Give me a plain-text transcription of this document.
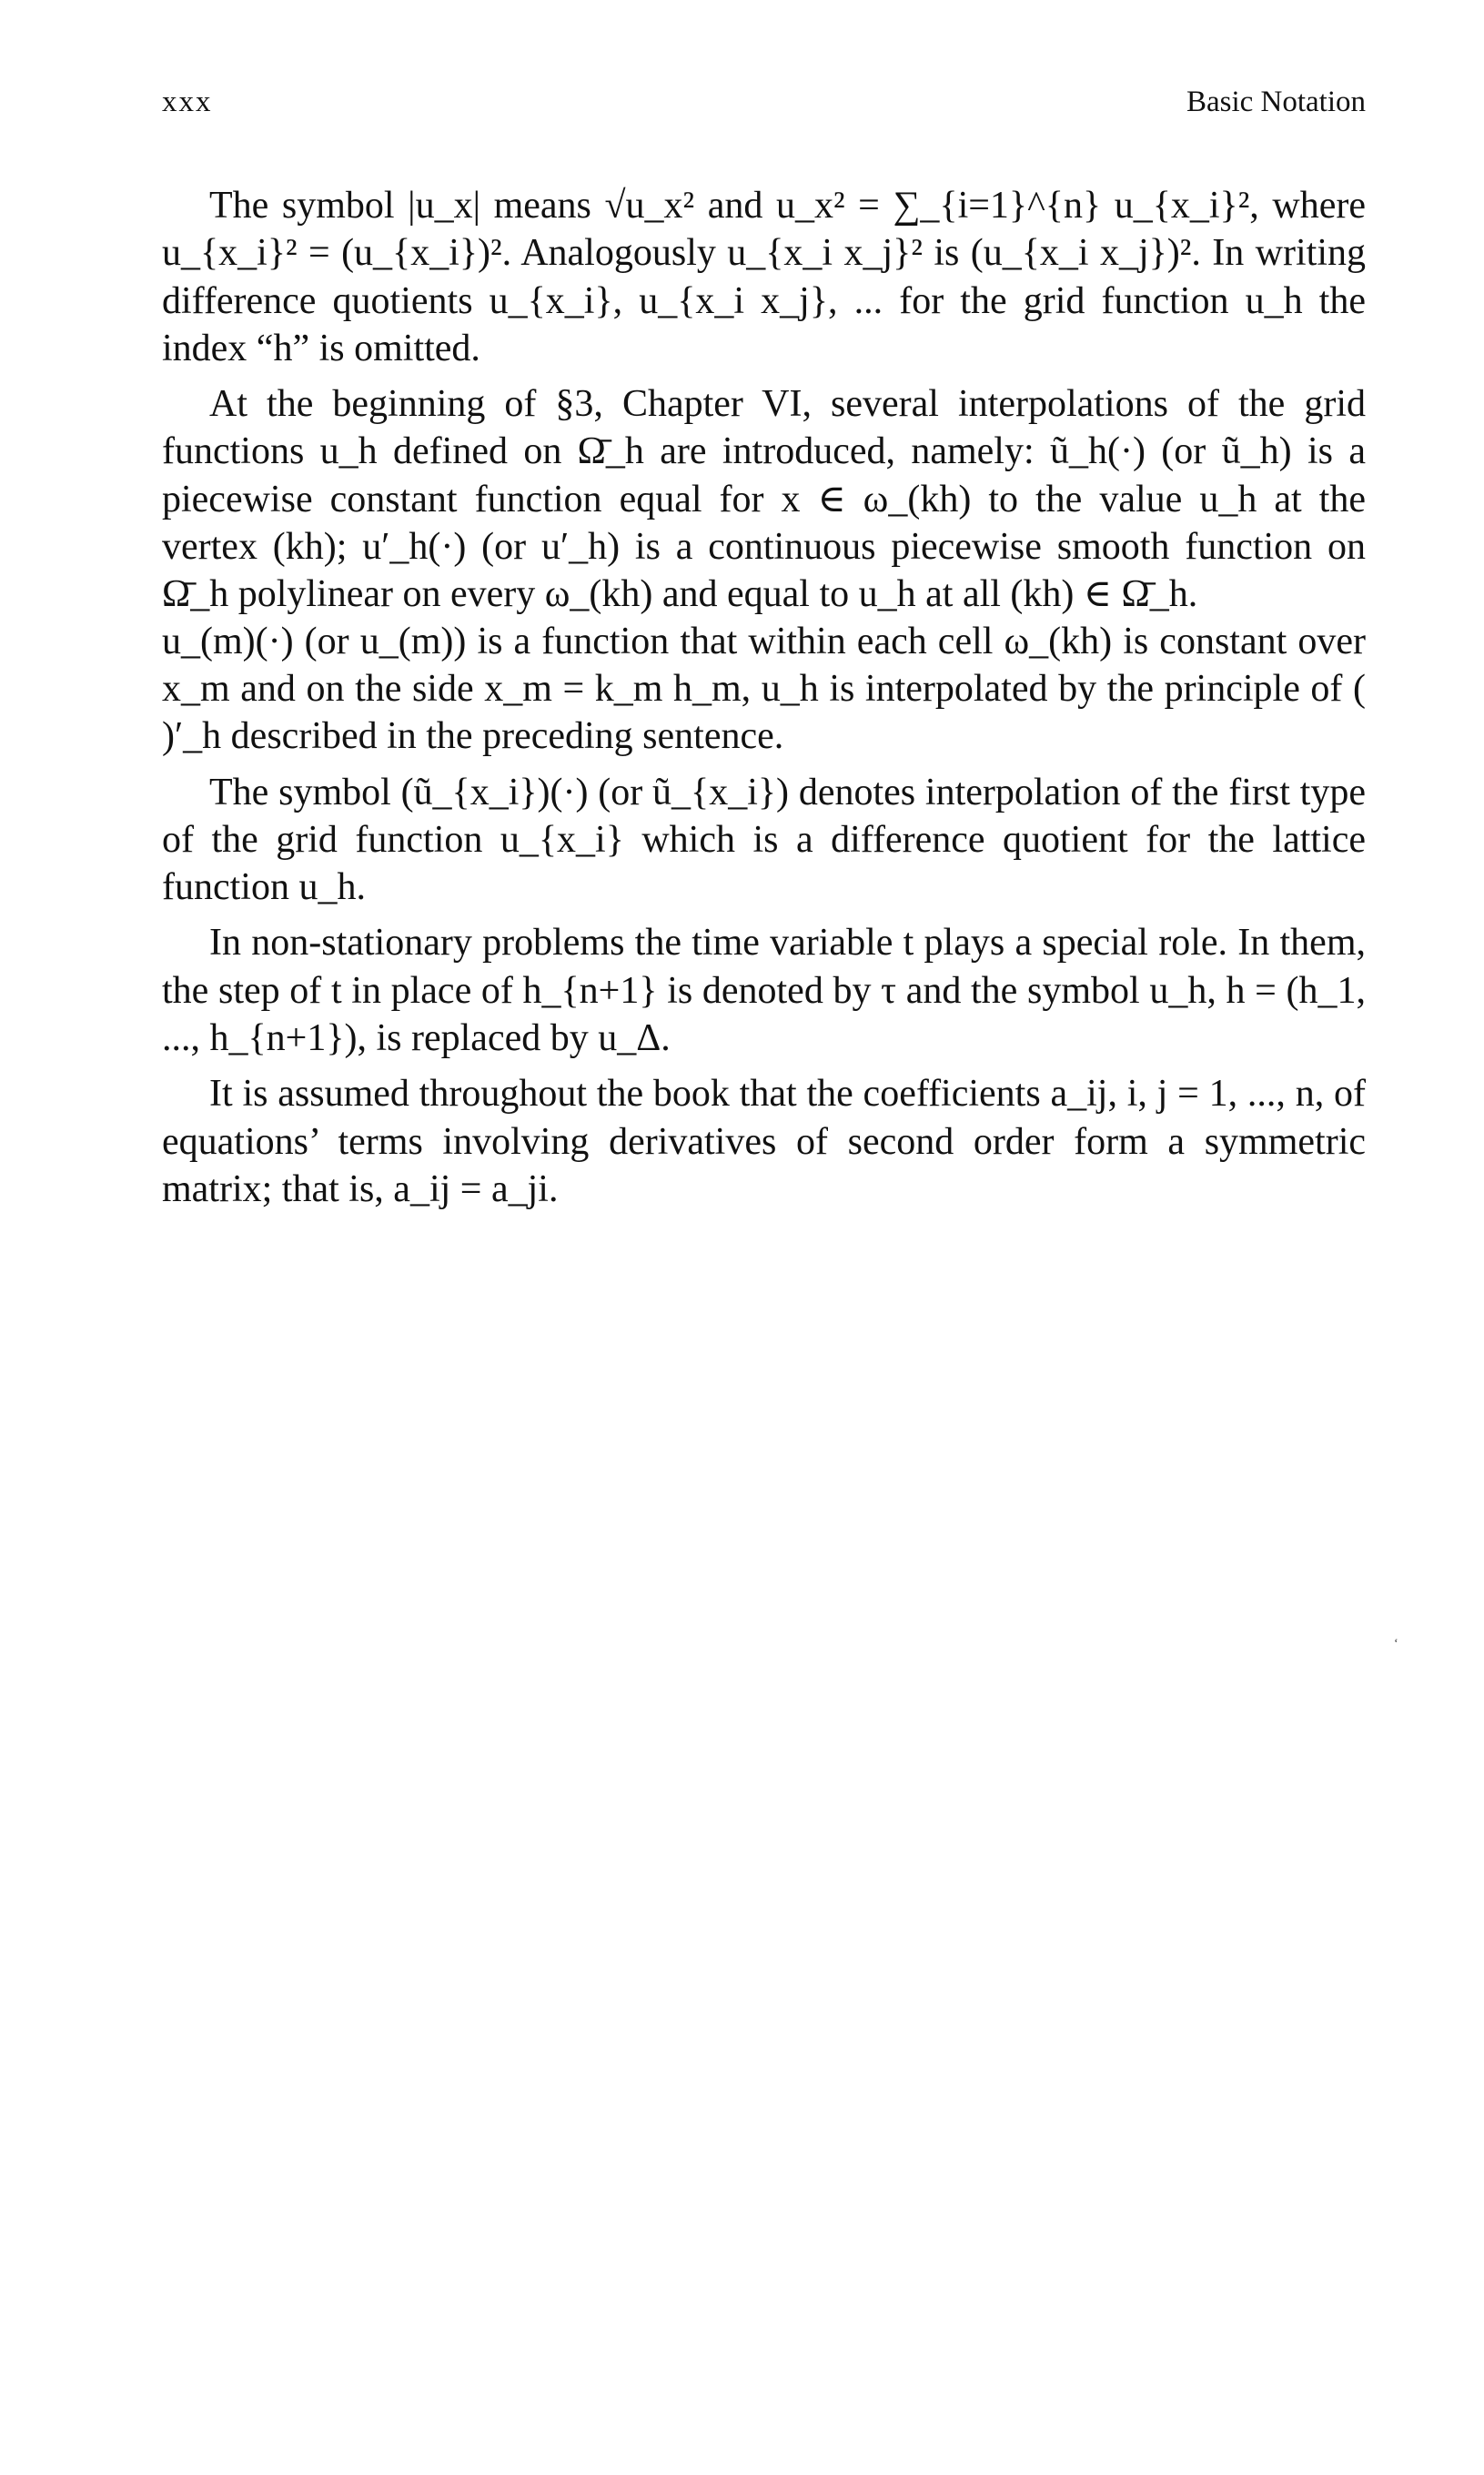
xxx	Basic Notation

The symbol |u_x| means √u_x² and u_x² = ∑_{i=1}^{n} u_{x_i}², where u_{x_i}² = (u_{x_i})². Analogously u_{x_i x_j}² is (u_{x_i x_j})². In writing difference quotients u_{x_i}, u_{x_i x_j}, ... for the grid function u_h the index “h” is omitted.

At the beginning of §3, Chapter VI, several interpolations of the grid functions u_h defined on Ω̄_h are introduced, namely: ũ_h(·) (or ũ_h) is a piecewise constant function equal for x ∈ ω_(kh) to the value u_h at the vertex (kh); u′_h(·) (or u′_h) is a continuous piecewise smooth function on Ω̄_h polylinear on every ω_(kh) and equal to u_h at all (kh) ∈ Ω̄_h.

u_(m)(·) (or u_(m)) is a function that within each cell ω_(kh) is constant over x_m and on the side x_m = k_m h_m, u_h is interpolated by the principle of ( )′_h described in the preceding sentence.

The symbol (ũ_{x_i})(·) (or ũ_{x_i}) denotes interpolation of the first type of the grid function u_{x_i} which is a difference quotient for the lattice function u_h.

In non-stationary problems the time variable t plays a special role. In them, the step of t in place of h_{n+1} is denoted by τ and the symbol u_h, h = (h_1, ..., h_{n+1}), is replaced by u_Δ.

It is assumed throughout the book that the coefficients a_ij, i, j = 1, ..., n, of equations’ terms involving derivatives of second order form a symmetric matrix; that is, a_ij = a_ji.

ʻ
